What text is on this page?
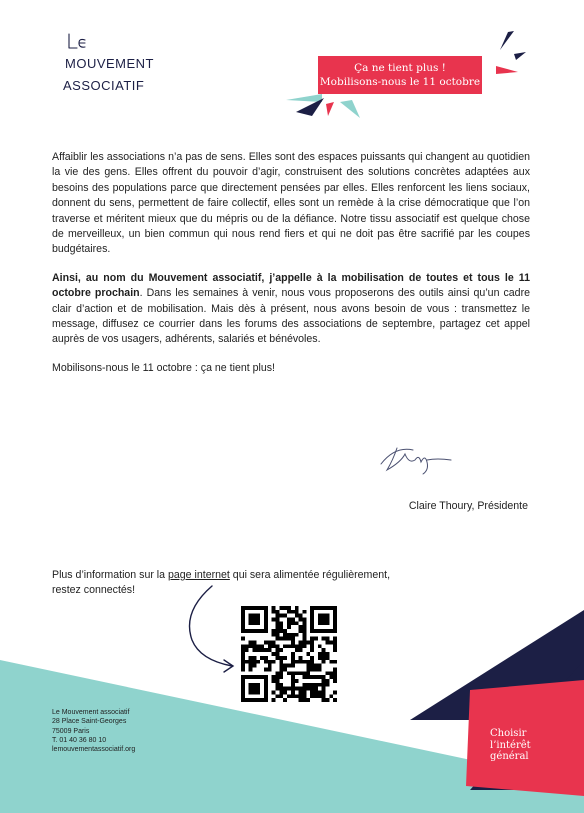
MOUVEMENT
ASSOCIATIF
Ça ne tient plus !
Mobilisons-nous le 11 octobre

Affaiblir les associations n’a pas de sens. Elles sont des espaces puissants qui changent au quotidien la vie des gens. Elles offrent du pouvoir d’agir, construisent des solutions concrètes adaptées aux besoins des populations parce que directement pensées par elles. Elles renforcent les liens sociaux, donnent du sens, permettent de faire collectif, elles sont un remède à la crise démocratique que l’on traverse et méritent mieux que du mépris ou de la défiance. Notre tissu associatif est quelque chose de merveilleux, un bien commun qui nous rend fiers et qui ne doit pas être sacrifié par les coupes budgétaires.

Ainsi, au nom du Mouvement associatif, j’appelle à la mobilisation de toutes et tous le 11 octobre prochain. Dans les semaines à venir, nous vous proposerons des outils ainsi qu’un cadre clair d’action et de mobilisation. Mais dès à présent, nous avons besoin de vous : transmettez le message, diffusez ce courrier dans les forums des associations de septembre, partagez cet appel auprès de vos usagers, adhérents, salariés et bénévoles.

Mobilisons-nous le 11 octobre : ça ne tient plus!

Claire Thoury, Présidente
Plus d’information sur la page internet qui sera alimentée régulièrement,
restez connectés!
Le Mouvement associatif
28 Place Saint-Georges
75009 Paris
T. 01 40 36 80 10
lemouvementassociatif.org
Choisir
l’intérêt
général
